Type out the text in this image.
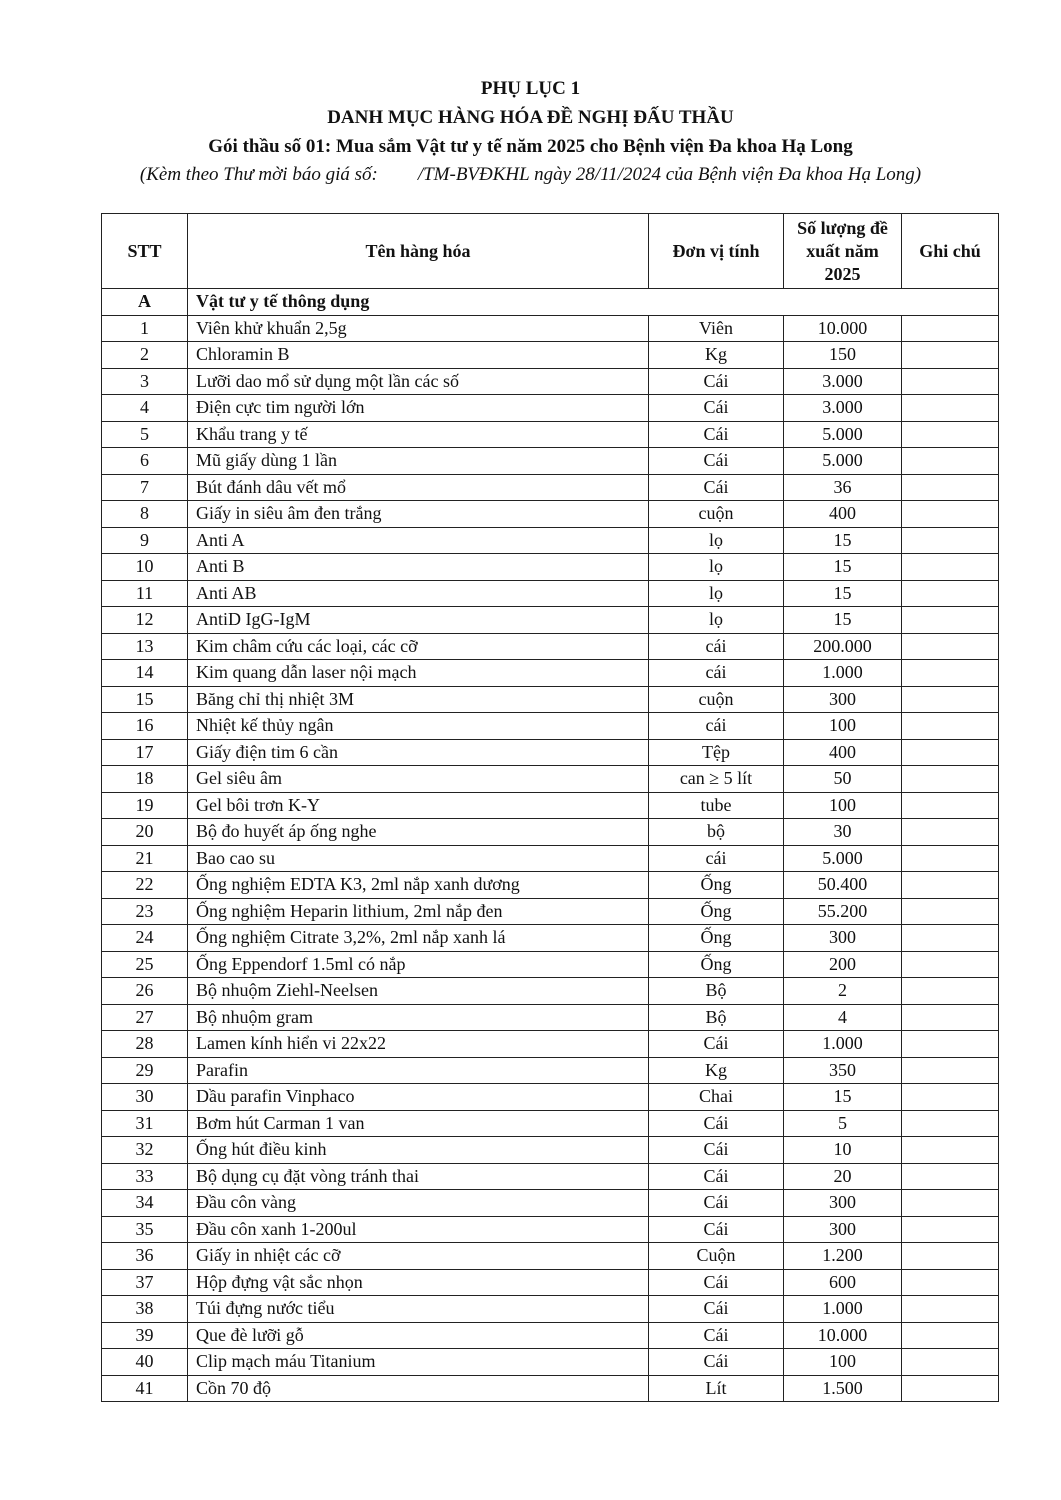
PHỤ LỤC 1
DANH MỤC HÀNG HÓA ĐỀ NGHỊ ĐẤU THẦU
Gói thầu số 01: Mua sắm Vật tư y tế năm 2025 cho Bệnh viện Đa khoa Hạ Long
(Kèm theo Thư mời báo giá số: /TM-BVĐKHL ngày 28/11/2024 của Bệnh viện Đa khoa Hạ Long)
STT	Tên hàng hóa	Đơn vị tính	Số lượng đề xuất năm 2025	Ghi chú
A	Vật tư y tế thông dụng			
1	Viên khử khuẩn 2,5g	Viên	10.000	
2	Chloramin B	Kg	150	
3	Lưỡi dao mổ sử dụng một lần các số	Cái	3.000	
4	Điện cực tim người lớn	Cái	3.000	
5	Khẩu trang y tế	Cái	5.000	
6	Mũ giấy dùng 1 lần	Cái	5.000	
7	Bút đánh dâu vết mổ	Cái	36	
8	Giấy in siêu âm đen trắng	cuộn	400	
9	Anti A	lọ	15	
10	Anti B	lọ	15	
11	Anti AB	lọ	15	
12	AntiD IgG-IgM	lọ	15	
13	Kim châm cứu các loại, các cỡ	cái	200.000	
14	Kim quang dẫn laser nội mạch	cái	1.000	
15	Băng chỉ thị nhiệt 3M	cuộn	300	
16	Nhiệt kế thủy ngân	cái	100	
17	Giấy điện tim 6 cần	Tệp	400	
18	Gel siêu âm	can ≥ 5 lít	50	
19	Gel bôi trơn K-Y	tube	100	
20	Bộ đo huyết áp ống nghe	bộ	30	
21	Bao cao su	cái	5.000	
22	Ống nghiệm EDTA K3, 2ml nắp xanh dương	Ống	50.400	
23	Ống nghiệm Heparin lithium, 2ml nắp đen	Ống	55.200	
24	Ống nghiệm Citrate 3,2%, 2ml nắp xanh lá	Ống	300	
25	Ống Eppendorf 1.5ml có nắp	Ống	200	
26	Bộ nhuộm Ziehl-Neelsen	Bộ	2	
27	Bộ nhuộm gram	Bộ	4	
28	Lamen kính hiển vi 22x22	Cái	1.000	
29	Parafin	Kg	350	
30	Dầu parafin Vinphaco	Chai	15	
31	Bơm hút Carman 1 van	Cái	5	
32	Ống hút điều kinh	Cái	10	
33	Bộ dụng cụ đặt vòng tránh thai	Cái	20	
34	Đầu côn vàng	Cái	300	
35	Đầu côn xanh 1-200ul	Cái	300	
36	Giấy in nhiệt các cỡ	Cuộn	1.200	
37	Hộp đựng vật sắc nhọn	Cái	600	
38	Túi đựng nước tiểu	Cái	1.000	
39	Que đè lưỡi gỗ	Cái	10.000	
40	Clip mạch máu Titanium	Cái	100	
41	Cồn 70 độ	Lít	1.500	
